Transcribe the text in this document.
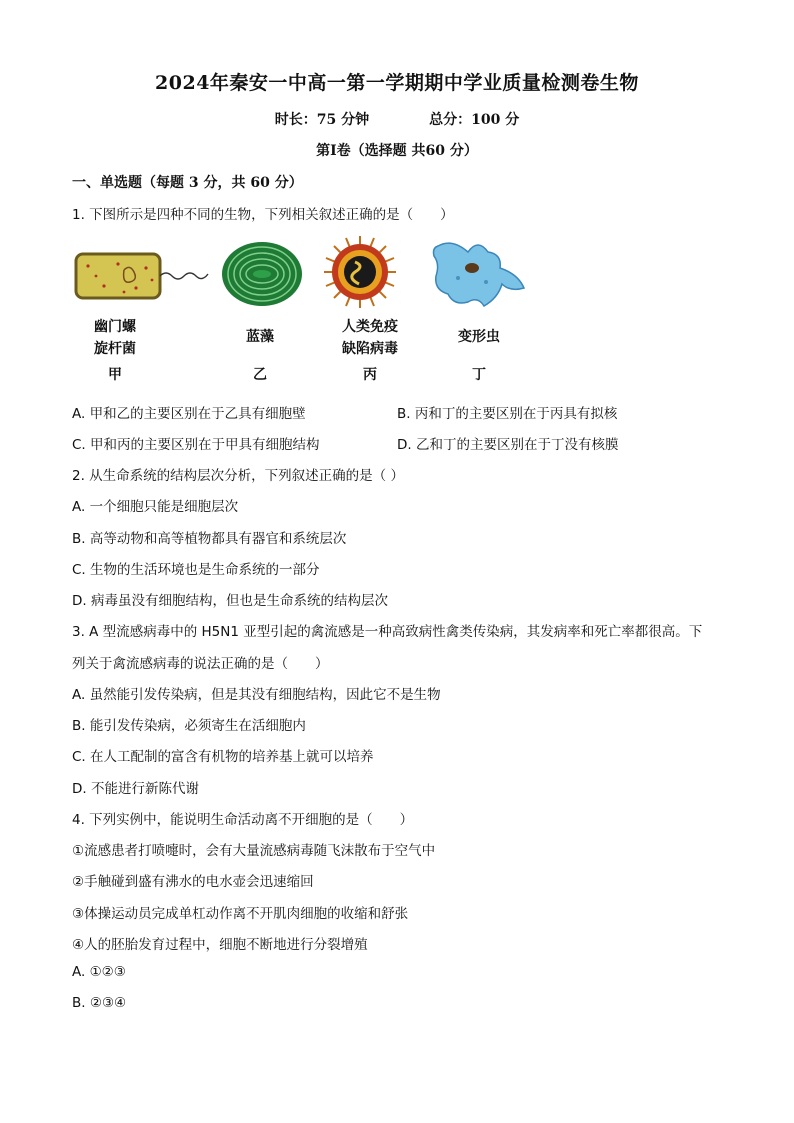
2024年秦安一中高一第一学期期中学业质量检测卷生物
时长：75 分钟	总分：100 分
第Ⅰ卷（选择题 共60 分）
一、单选题（每题 3 分，共 60 分）
1. 下图所示是四种不同的生物，下列相关叙述正确的是（　　）
幽门螺
旋杆菌
甲
蓝藻
乙
人类免疫
缺陷病毒
丙
变形虫
丁
A. 甲和乙的主要区别在于乙具有细胞壁	B. 丙和丁的主要区别在于丙具有拟核
C. 甲和丙的主要区别在于甲具有细胞结构	D. 乙和丁的主要区别在于丁没有核膜
2. 从生命系统的结构层次分析，下列叙述正确的是（ ）
A. 一个细胞只能是细胞层次
B. 高等动物和高等植物都具有器官和系统层次
C. 生物的生活环境也是生命系统的一部分
D. 病毒虽没有细胞结构，但也是生命系统的结构层次
3. A 型流感病毒中的 H5N1 亚型引起的禽流感是一种高致病性禽类传染病，其发病率和死亡率都很高。下
列关于禽流感病毒的说法正确的是（　　）
A. 虽然能引发传染病，但是其没有细胞结构，因此它不是生物
B. 能引发传染病，必须寄生在活细胞内
C. 在人工配制的富含有机物的培养基上就可以培养
D. 不能进行新陈代谢
4. 下列实例中，能说明生命活动离不开细胞的是（　　）
①流感患者打喷嚏时，会有大量流感病毒随飞沫散布于空气中
②手触碰到盛有沸水的电水壶会迅速缩回
③体操运动员完成单杠动作离不开肌肉细胞的收缩和舒张
④人的胚胎发育过程中，细胞不断地进行分裂增殖
A. ①②③
B. ②③④
